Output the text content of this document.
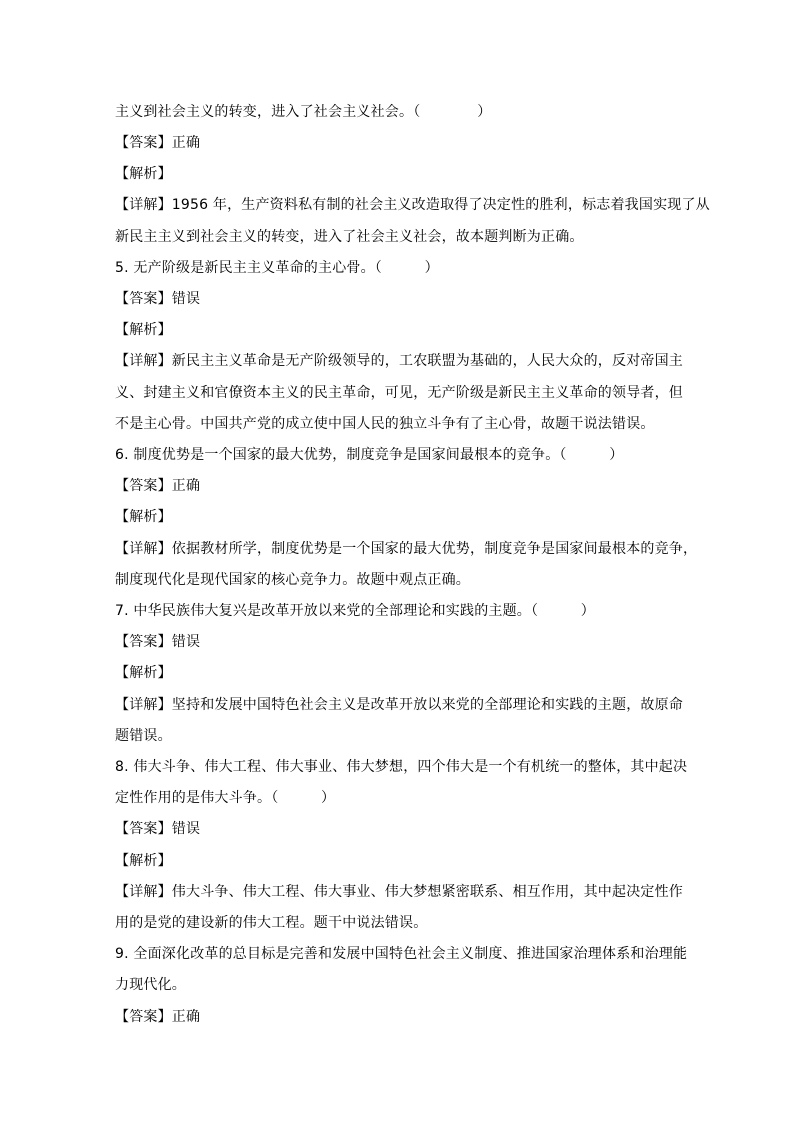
主义到社会主义的转变，进入了社会主义社会。（　　　　）
【答案】正确
【解析】
【详解】1956 年，生产资料私有制的社会主义改造取得了决定性的胜利，标志着我国实现了从
新民主主义到社会主义的转变，进入了社会主义社会，故本题判断为正确。
5. 无产阶级是新民主主义革命的主心骨。（　　　）
【答案】错误
【解析】
【详解】新民主主义革命是无产阶级领导的，工农联盟为基础的，人民大众的，反对帝国主
义、封建主义和官僚资本主义的民主革命，可见，无产阶级是新民主主义革命的领导者，但
不是主心骨。中国共产党的成立使中国人民的独立斗争有了主心骨，故题干说法错误。
6. 制度优势是一个国家的最大优势，制度竞争是国家间最根本的竞争。（　　　）
【答案】正确
【解析】
【详解】依据教材所学，制度优势是一个国家的最大优势，制度竞争是国家间最根本的竞争，
制度现代化是现代国家的核心竞争力。故题中观点正确。
7. 中华民族伟大复兴是改革开放以来党的全部理论和实践的主题。（　　　）
【答案】错误
【解析】
【详解】坚持和发展中国特色社会主义是改革开放以来党的全部理论和实践的主题，故原命
题错误。
8. 伟大斗争、伟大工程、伟大事业、伟大梦想，四个伟大是一个有机统一的整体，其中起决
定性作用的是伟大斗争。（　　　）
【答案】错误
【解析】
【详解】伟大斗争、伟大工程、伟大事业、伟大梦想紧密联系、相互作用，其中起决定性作
用的是党的建设新的伟大工程。题干中说法错误。
9. 全面深化改革的总目标是完善和发展中国特色社会主义制度、推进国家治理体系和治理能
力现代化。
【答案】正确
